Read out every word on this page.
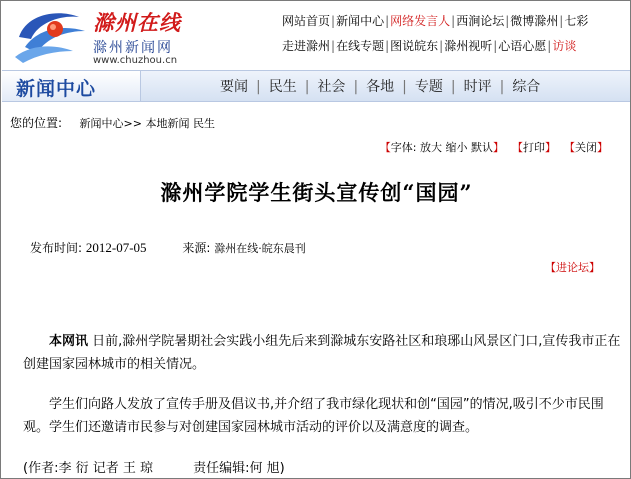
滁州在线
滁州新闻网
www.chuzhou.cn
网站首页|新闻中心|网络发言人|西涧论坛|微博滁州|七彩
走进滁州|在线专题|图说皖东|滁州视听|心语心愿|访谈
新闻中心	要闻 | 民生 | 社会 | 各地 | 专题 | 时评 | 综合
您的位置: 新闻中心>> 本地新闻 民生
【字体: 放大 缩小 默认】 【打印】 【关闭】
滁州学院学生街头宣传创“国园”
发布时间: 2012-07-05	来源: 滁州在线·皖东晨刊
【进论坛】
本网讯 日前,滁州学院暑期社会实践小组先后来到滁城东安路社区和琅琊山风景区门口,宣传我市正在创建国家园林城市的相关情况。
学生们向路人发放了宣传手册及倡议书,并介绍了我市绿化现状和创“国园”的情况,吸引不少市民围观。学生们还邀请市民参与对创建国家园林城市活动的评价以及满意度的调查。
(作者:李 衍 记者 王 琼	责任编辑:何 旭)
